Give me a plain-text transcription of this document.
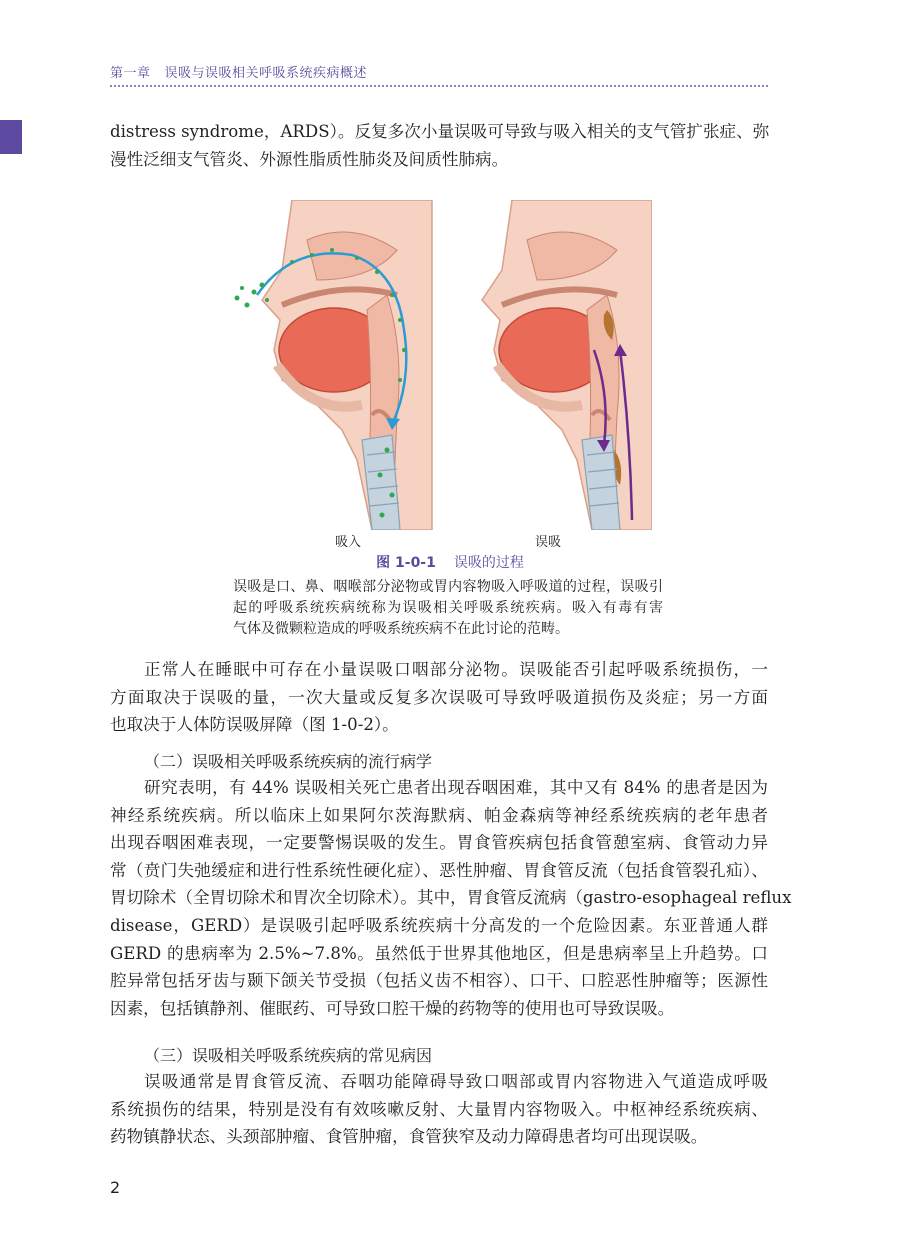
第一章 误吸与误吸相关呼吸系统疾病概述

distress syndrome，ARDS）。反复多次小量误吸可导致与吸入相关的支气管扩张症、弥
漫性泛细支气管炎、外源性脂质性肺炎及间质性肺病。

吸入	误吸
图 1-0-1 误吸的过程
误吸是口、鼻、咽喉部分泌物或胃内容物吸入呼吸道的过程，误吸引
起的呼吸系统疾病统称为误吸相关呼吸系统疾病。吸入有毒有害
气体及微颗粒造成的呼吸系统疾病不在此讨论的范畴。

正常人在睡眠中可存在小量误吸口咽部分泌物。误吸能否引起呼吸系统损伤，一
方面取决于误吸的量，一次大量或反复多次误吸可导致呼吸道损伤及炎症；另一方面
也取决于人体防误吸屏障（图 1-0-2）。

（二）误吸相关呼吸系统疾病的流行病学

研究表明，有 44% 误吸相关死亡患者出现吞咽困难，其中又有 84% 的患者是因为
神经系统疾病。所以临床上如果阿尔茨海默病、帕金森病等神经系统疾病的老年患者
出现吞咽困难表现，一定要警惕误吸的发生。胃食管疾病包括食管憩室病、食管动力异
常（贲门失弛缓症和进行性系统性硬化症）、恶性肿瘤、胃食管反流（包括食管裂孔疝）、
胃切除术（全胃切除术和胃次全切除术）。其中，胃食管反流病（gastro-esophageal reflux
disease，GERD）是误吸引起呼吸系统疾病十分高发的一个危险因素。东亚普通人群
GERD 的患病率为 2.5%~7.8%。虽然低于世界其他地区，但是患病率呈上升趋势。口
腔异常包括牙齿与颞下颌关节受损（包括义齿不相容）、口干、口腔恶性肿瘤等；医源性
因素，包括镇静剂、催眠药、可导致口腔干燥的药物等的使用也可导致误吸。

（三）误吸相关呼吸系统疾病的常见病因

误吸通常是胃食管反流、吞咽功能障碍导致口咽部或胃内容物进入气道造成呼吸
系统损伤的结果，特别是没有有效咳嗽反射、大量胃内容物吸入。中枢神经系统疾病、
药物镇静状态、头颈部肿瘤、食管肿瘤，食管狭窄及动力障碍患者均可出现误吸。

2
